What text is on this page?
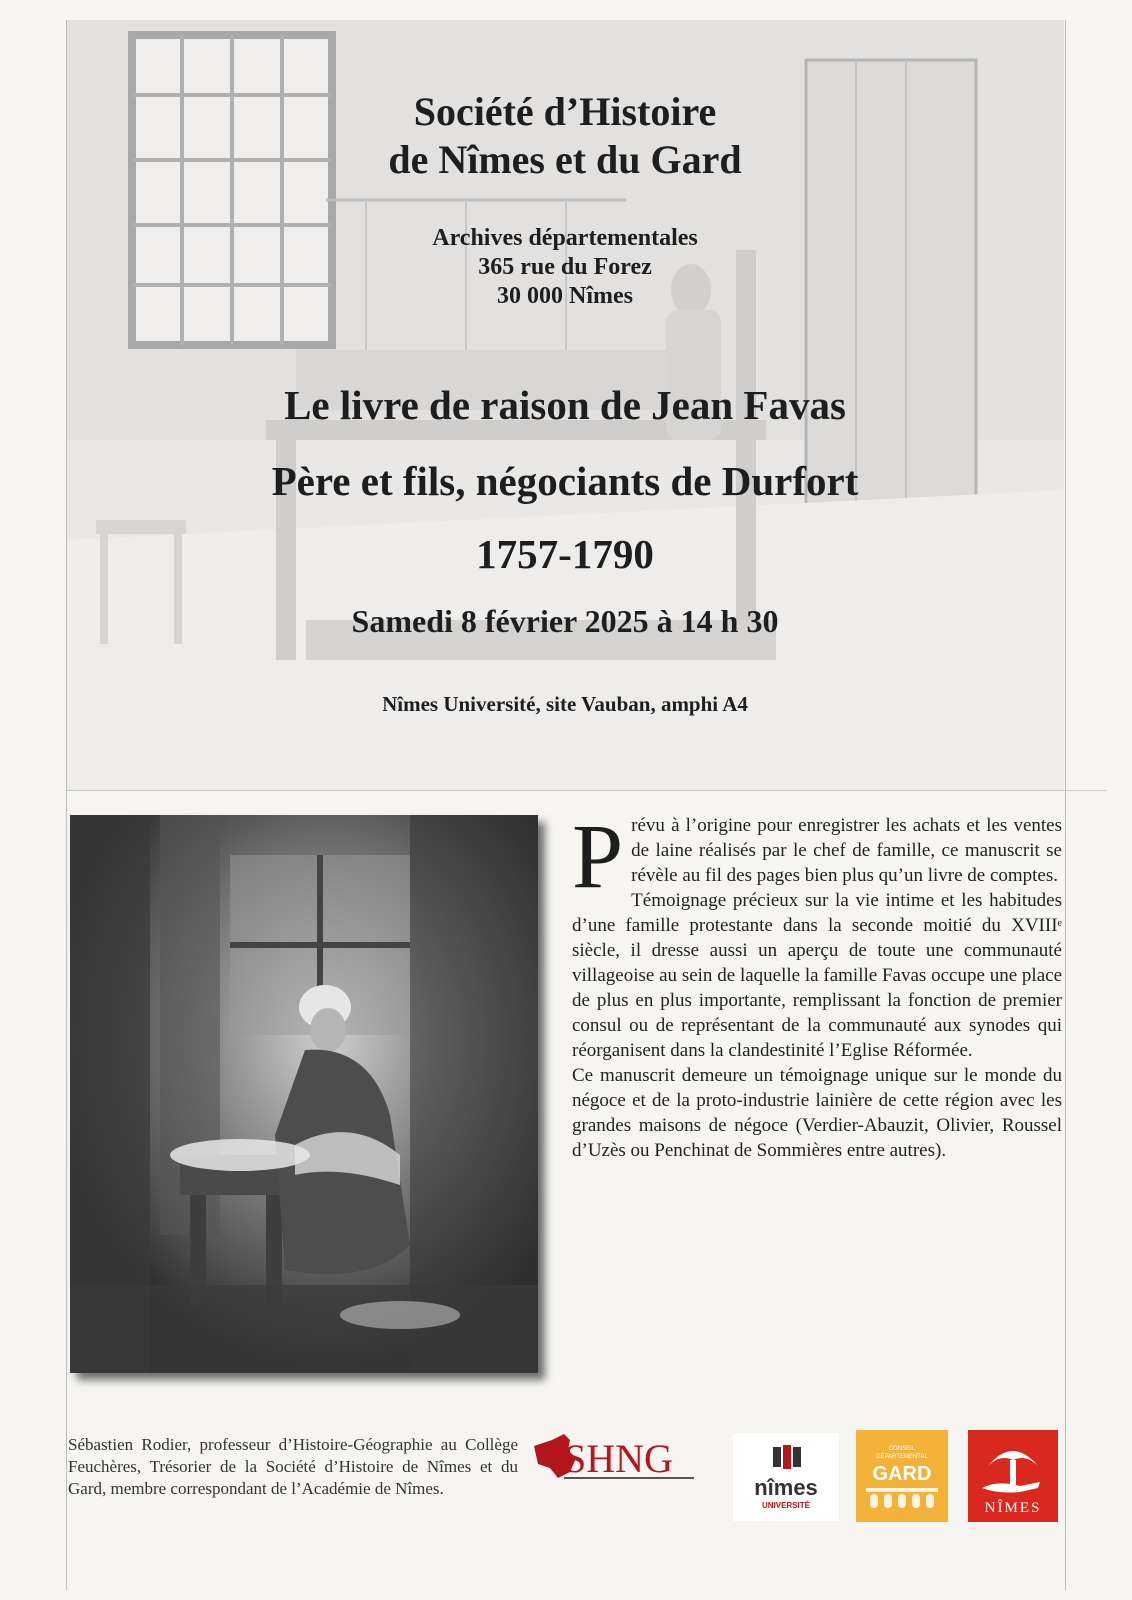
Société d’Histoire
de Nîmes et du Gard
Archives départementales
365 rue du Forez
30 000 Nîmes
Le livre de raison de Jean Favas
Père et fils, négociants de Durfort
1757-1790
Samedi 8 février 2025 à 14 h 30
Nîmes Université, site Vauban, amphi A4

Prévu à l’origine pour enregistrer les achats et les ventes de laine réalisés par le chef de famille, ce manuscrit se révèle au fil des pages bien plus qu’un livre de comptes.

Témoignage précieux sur la vie intime et les habitudes d’une famille protestante dans la seconde moitié du XVIIIe siècle, il dresse aussi un aperçu de toute une communauté villageoise au sein de laquelle la famille Favas occupe une place de plus en plus importante, remplissant la fonction de premier consul ou de représentant de la communauté aux synodes qui réorganisent dans la clandestinité l’Eglise Réformée.

Ce manuscrit demeure un témoignage unique sur le monde du négoce et de la proto-industrie lainière de cette région avec les grandes maisons de négoce (Verdier-Abauzit, Olivier, Roussel d’Uzès ou Penchinat de Sommières entre autres).

Sébastien Rodier, professeur d’Histoire-Géographie au Collège Feuchères, Trésorier de la Société d’Histoire de Nîmes et du Gard, membre correspondant de l’Académie de Nîmes.
SHNG
nîmes
UNIVERSITÉ
CONSEIL
DÉPARTEMENTAL
GARD
NÎMES
